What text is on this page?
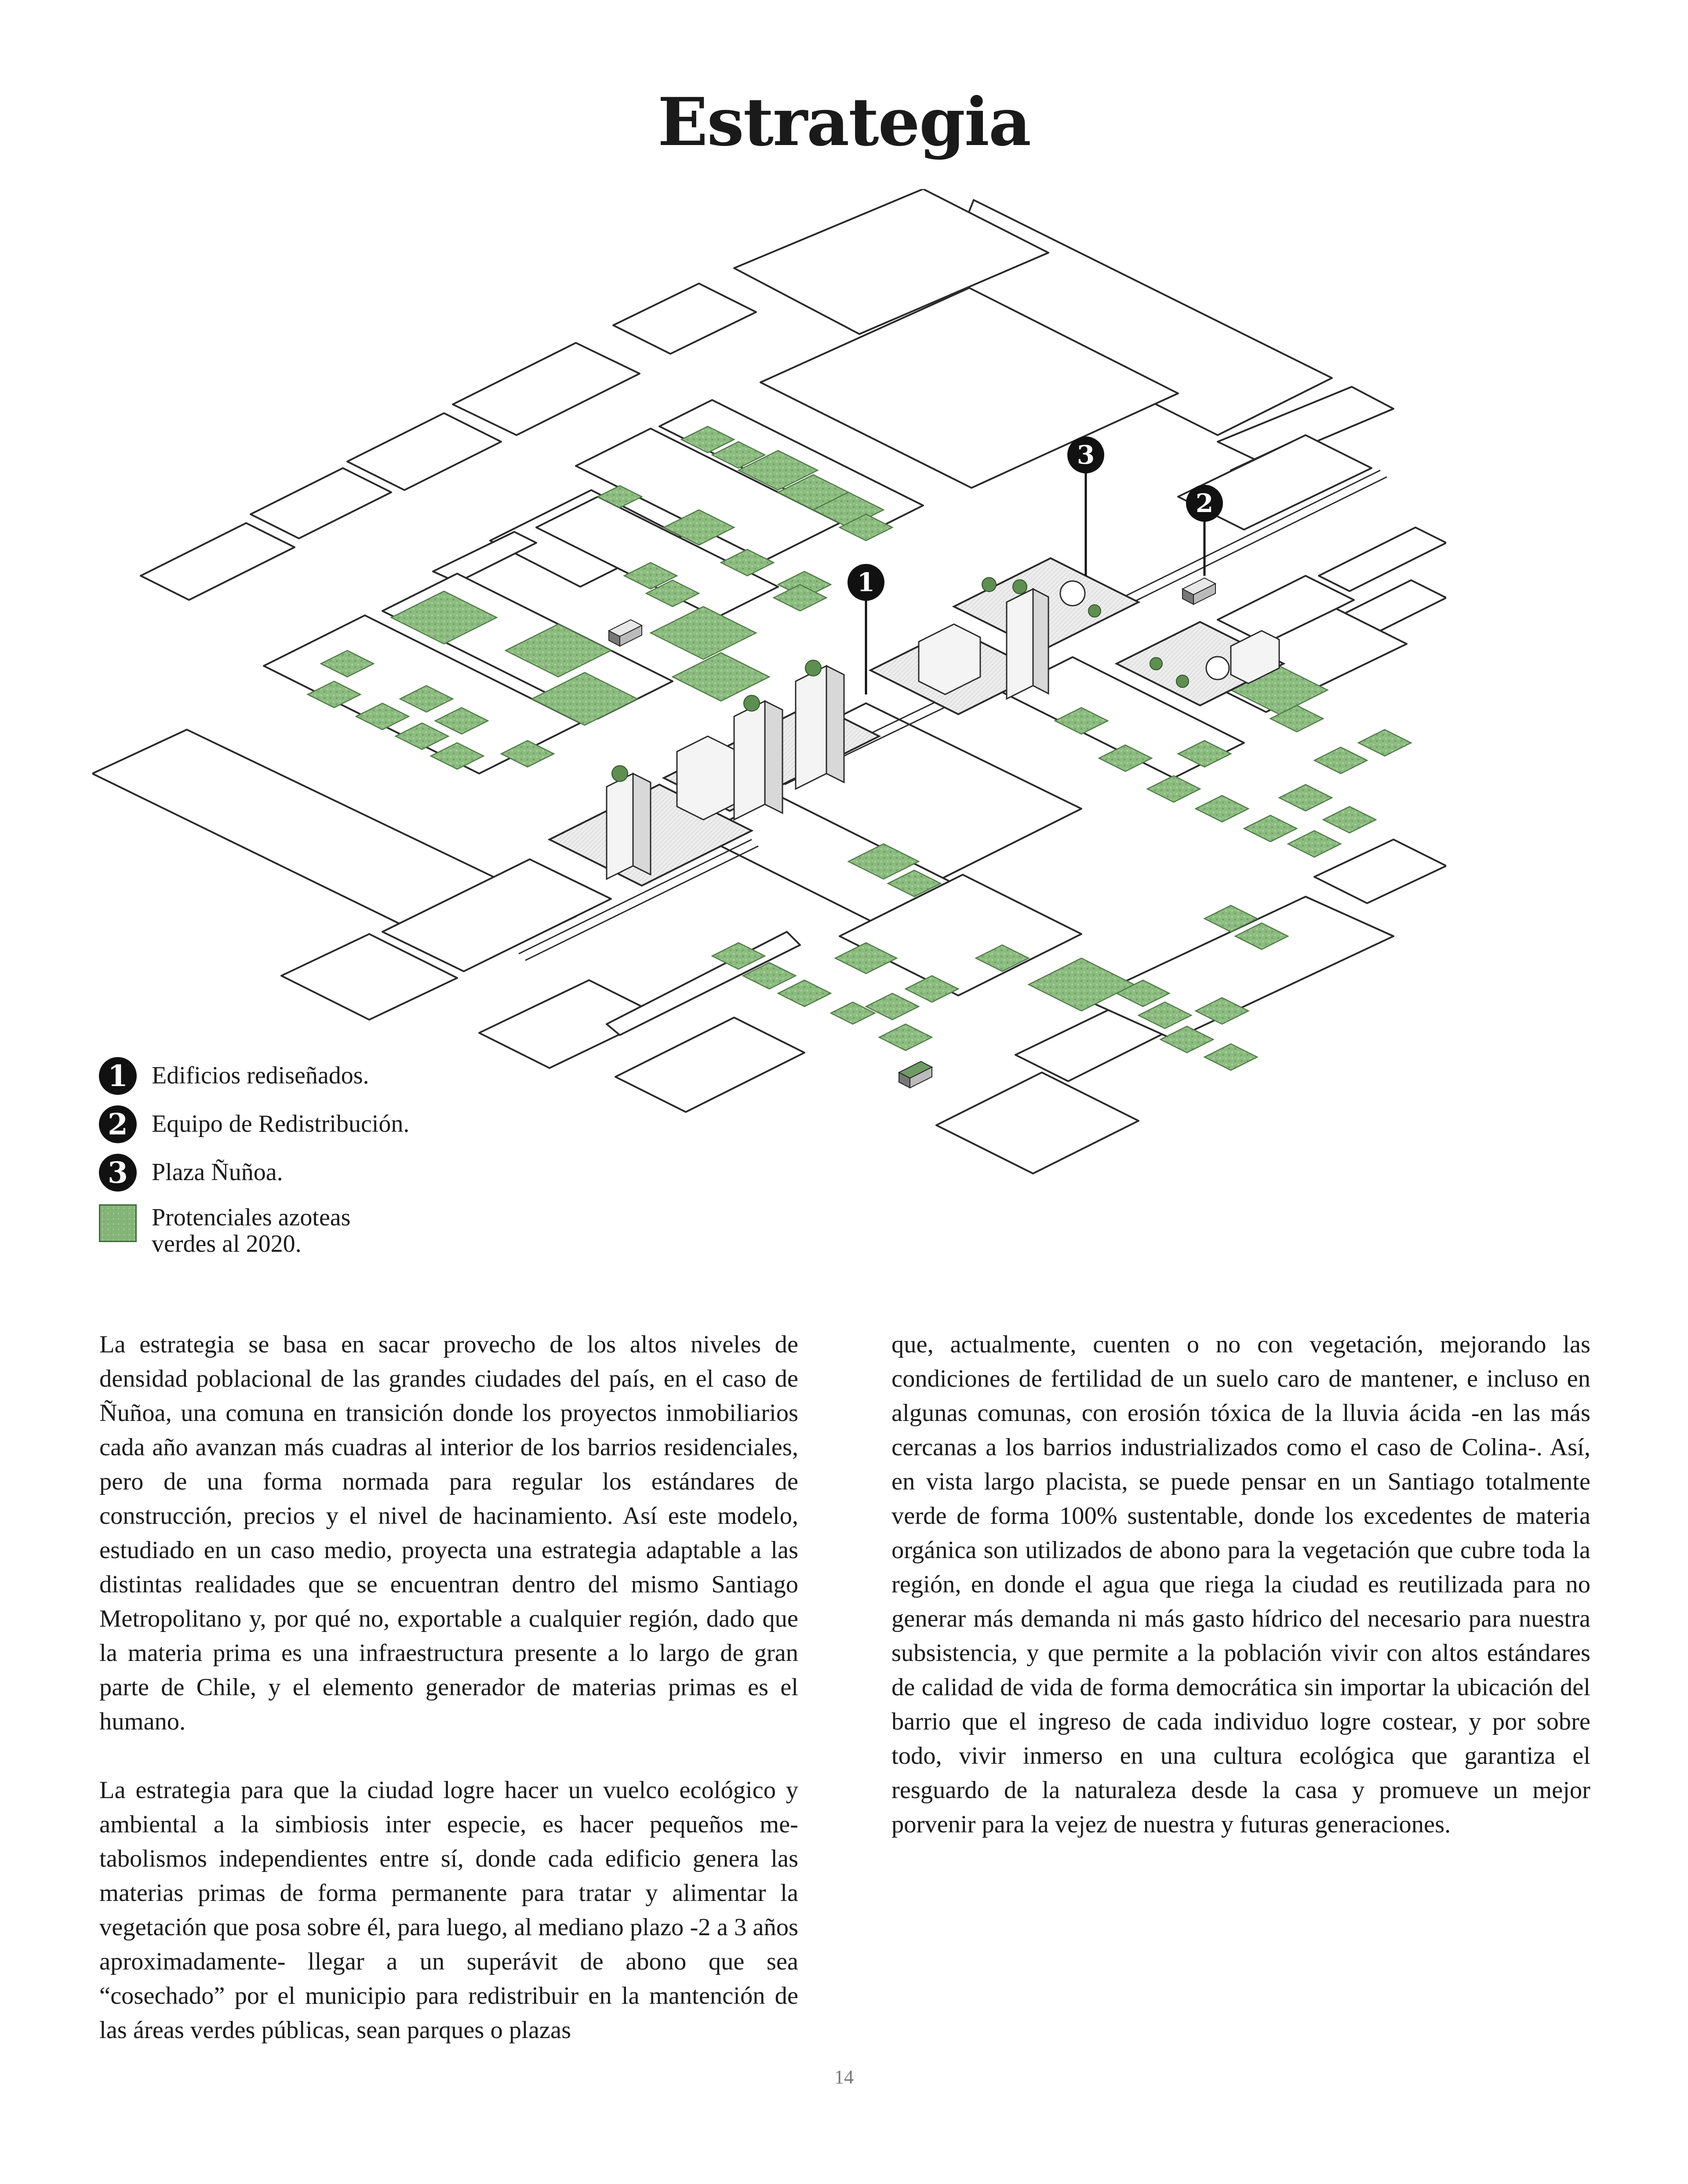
Estrategia
1
2
3
1 Edificios rediseñados.
2 Equipo de Redistribución.
3 Plaza Ñuñoa.
Protenciales azoteas
verdes al 2020.

La estrategia se basa en sacar provecho de los altos niveles de densidad poblacional de las grandes ciudades del país, en el caso de Ñuñoa, una comuna en transición donde los proyectos inmobiliarios cada año avanzan más cuadras al interior de los barrios residenciales, pero de una forma normada para regular los estándares de construcción, precios y el nivel de hacinamiento. Así este modelo, estudiado en un caso medio, proyecta una estrategia adaptable a las distintas realidades que se encuentran dentro del mismo Santiago Metropolitano y, por qué no, exportable a cualquier región, dado que la materia prima es una infraestructura presente a lo largo de gran parte de Chile, y el elemento generador de materias primas es el humano.

La estrategia para que la ciudad logre hacer un vuelco ecológico y ambiental a la simbiosis inter especie, es hacer pequeños metabolismos independientes entre sí, donde cada edificio genera las materias primas de forma permanente para tratar y alimentar la vegetación que posa sobre él, para luego, al mediano plazo -2 a 3 años aproximadamente- llegar a un superávit de abono que sea “cosechado” por el municipio para redistribuir en la mantención de las áreas verdes públicas, sean parques o plazas

que, actualmente, cuenten o no con vegetación, mejorando las condiciones de fertilidad de un suelo caro de mantener, e incluso en algunas comunas, con erosión tóxica de la lluvia ácida -en las más cercanas a los barrios industrializados como el caso de Colina-. Así, en vista largo placista, se puede pensar en un Santiago totalmente verde de forma 100% sustentable, donde los excedentes de materia orgánica son utilizados de abono para la vegetación que cubre toda la región, en donde el agua que riega la ciudad es reutilizada para no generar más demanda ni más gasto hídrico del necesario para nuestra subsistencia, y que permite a la población vivir con altos estándares de calidad de vida de forma democrática sin importar la ubicación del barrio que el ingreso de cada individuo logre costear, y por sobre todo, vivir inmerso en una cultura ecológica que garantiza el resguardo de la naturaleza desde la casa y promueve un mejor porvenir para la vejez de nuestra y futuras generaciones.

14
